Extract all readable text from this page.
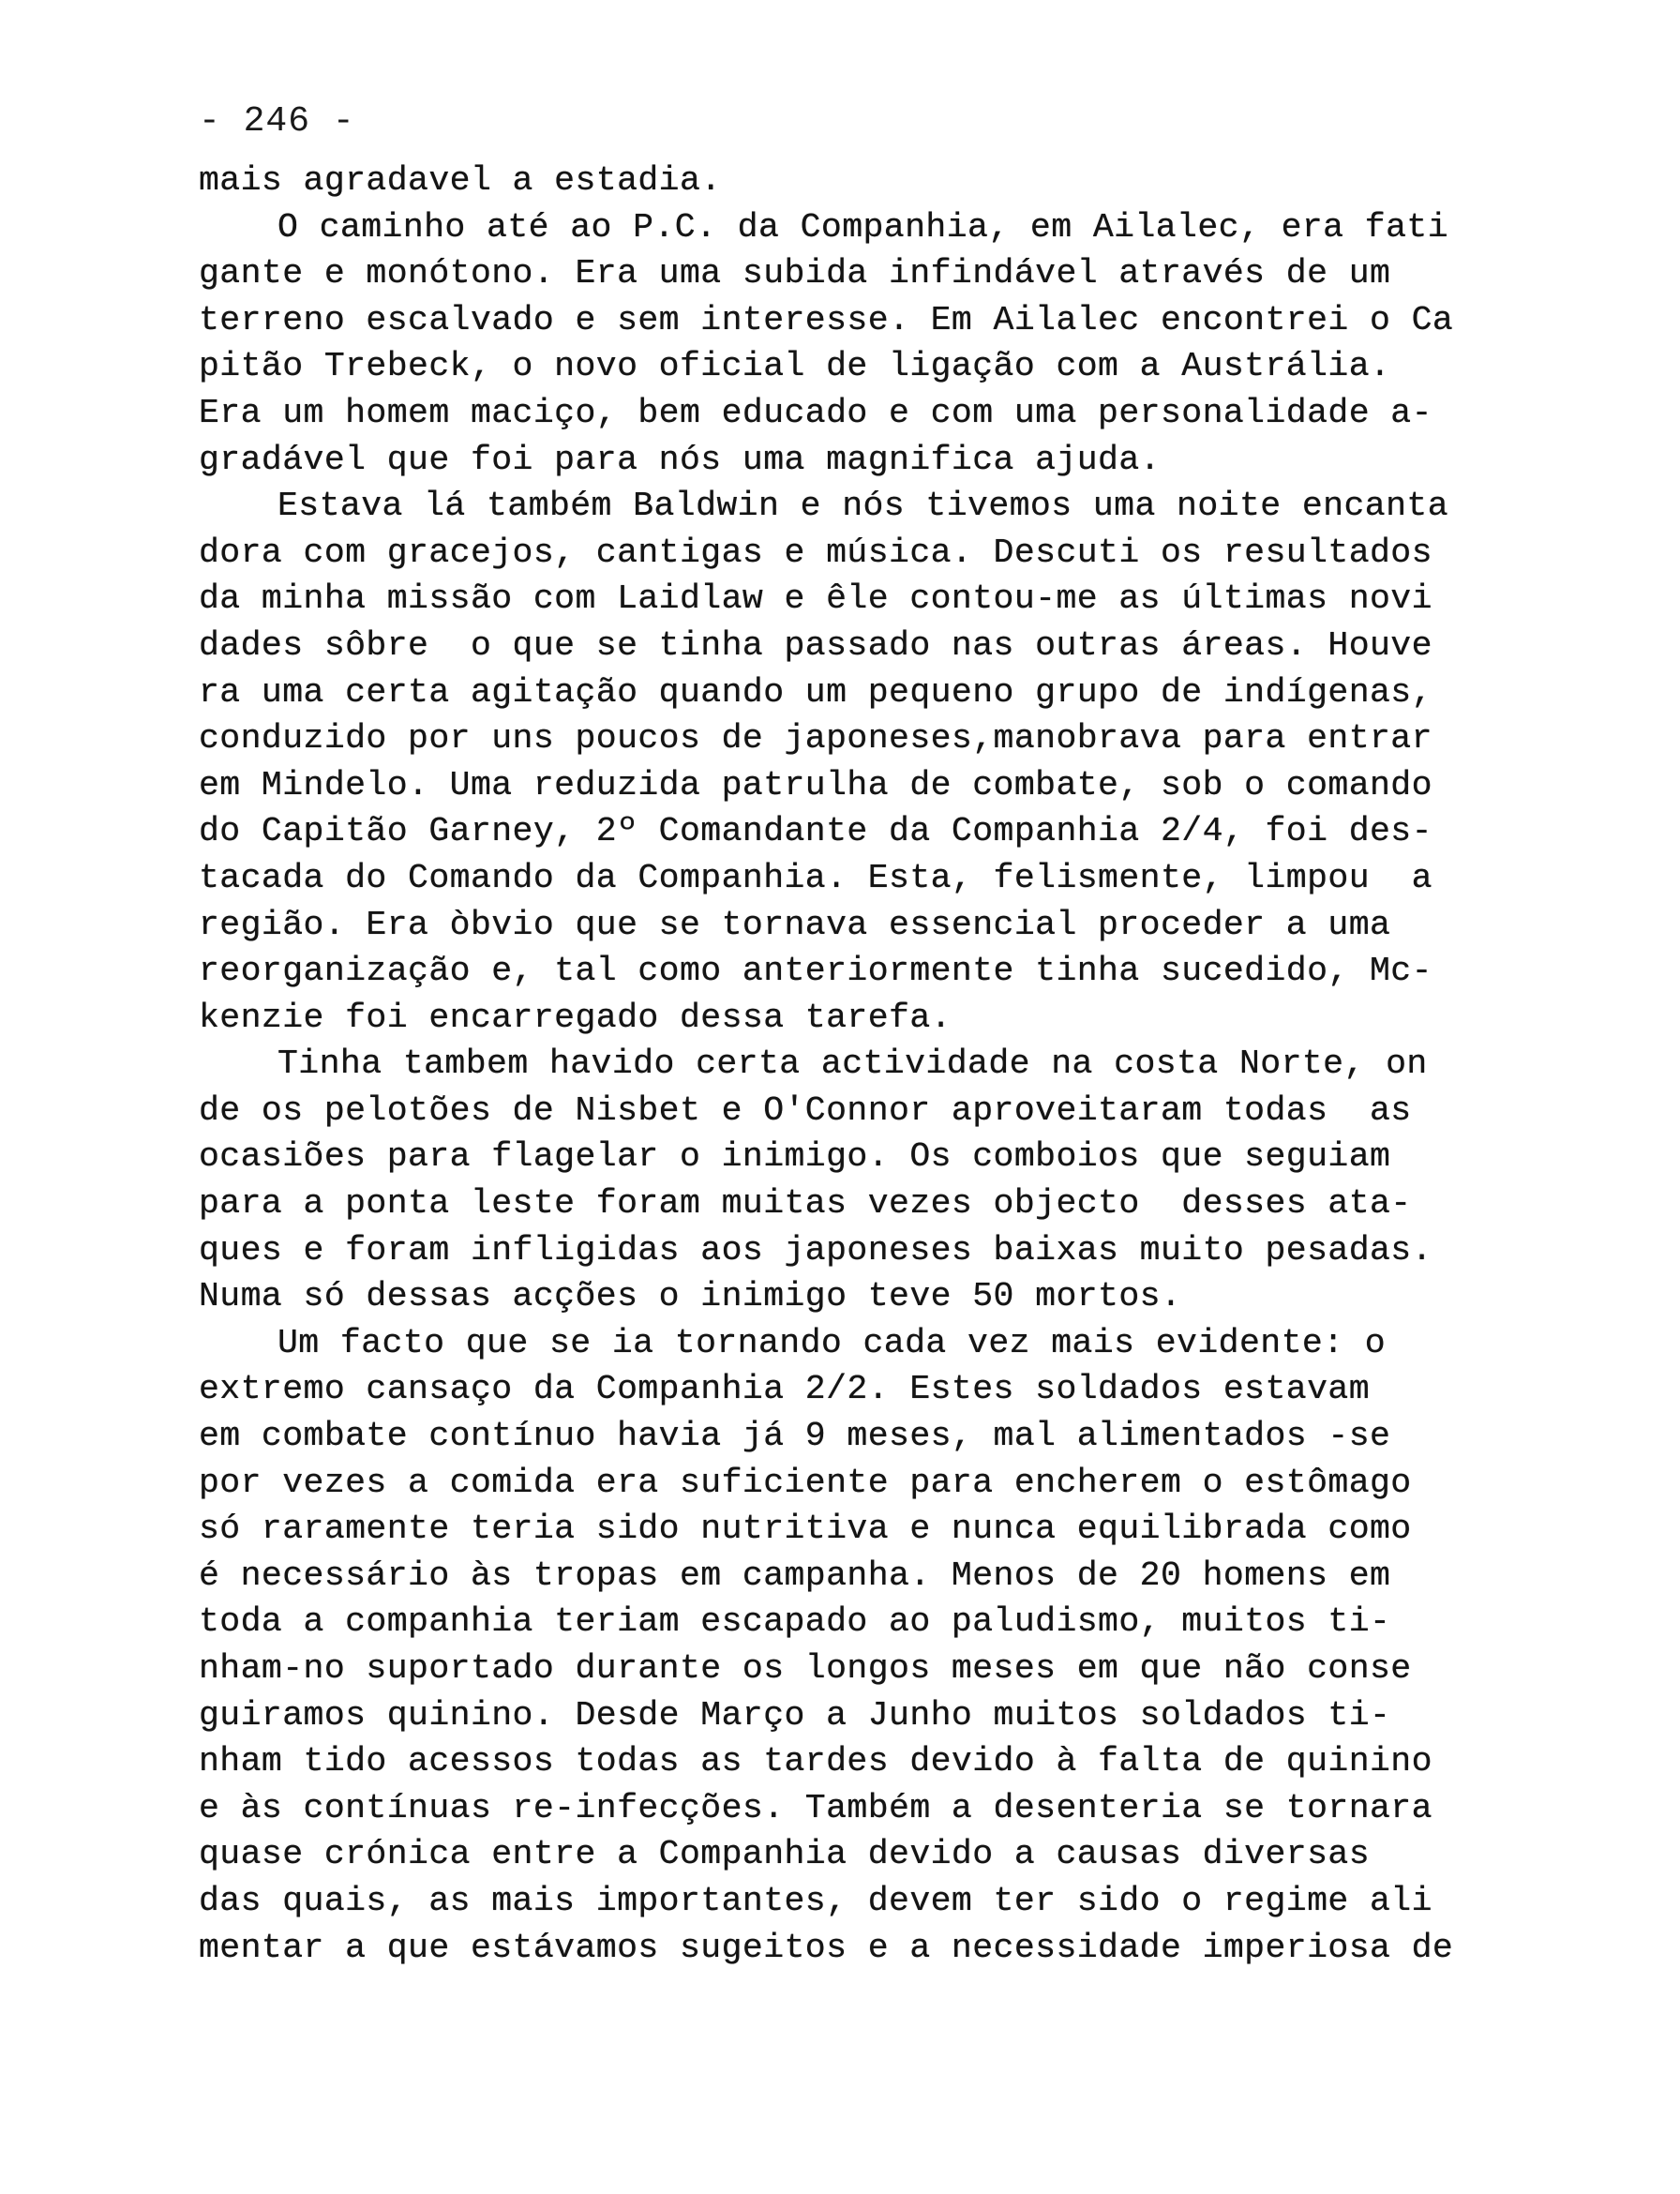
- 246 -
mais agradavel a estadia.
O caminho até ao P.C. da Companhia, em Ailalec, era fati
gante e monótono. Era uma subida infindável através de um
terreno escalvado e sem interesse. Em Ailalec encontrei o Ca
pitão Trebeck, o novo oficial de ligação com a Austrália.
Era um homem maciço, bem educado e com uma personalidade a-
gradável que foi para nós uma magnifica ajuda.
Estava lá também Baldwin e nós tivemos uma noite encanta
dora com gracejos, cantigas e música. Descuti os resultados
da minha missão com Laidlaw e êle contou-me as últimas novi
dades sôbre  o que se tinha passado nas outras áreas. Houve
ra uma certa agitação quando um pequeno grupo de indígenas,
conduzido por uns poucos de japoneses,manobrava para entrar
em Mindelo. Uma reduzida patrulha de combate, sob o comando
do Capitão Garney, 2º Comandante da Companhia 2/4, foi des-
tacada do Comando da Companhia. Esta, felismente, limpou  a
região. Era òbvio que se tornava essencial proceder a uma
reorganização e, tal como anteriormente tinha sucedido, Mc-
kenzie foi encarregado dessa tarefa.
Tinha tambem havido certa actividade na costa Norte, on
de os pelotões de Nisbet e O'Connor aproveitaram todas  as
ocasiões para flagelar o inimigo. Os comboios que seguiam
para a ponta leste foram muitas vezes objecto  desses ata-
ques e foram infligidas aos japoneses baixas muito pesadas.
Numa só dessas acções o inimigo teve 50 mortos.
Um facto que se ia tornando cada vez mais evidente: o
extremo cansaço da Companhia 2/2. Estes soldados estavam
em combate contínuo havia já 9 meses, mal alimentados -se
por vezes a comida era suficiente para encherem o estômago
só raramente teria sido nutritiva e nunca equilibrada como
é necessário às tropas em campanha. Menos de 20 homens em
toda a companhia teriam escapado ao paludismo, muitos ti-
nham-no suportado durante os longos meses em que não conse
guiramos quinino. Desde Março a Junho muitos soldados ti-
nham tido acessos todas as tardes devido à falta de quinino
e às contínuas re-infecções. Também a desenteria se tornara
quase crónica entre a Companhia devido a causas diversas
das quais, as mais importantes, devem ter sido o regime ali
mentar a que estávamos sugeitos e a necessidade imperiosa de
